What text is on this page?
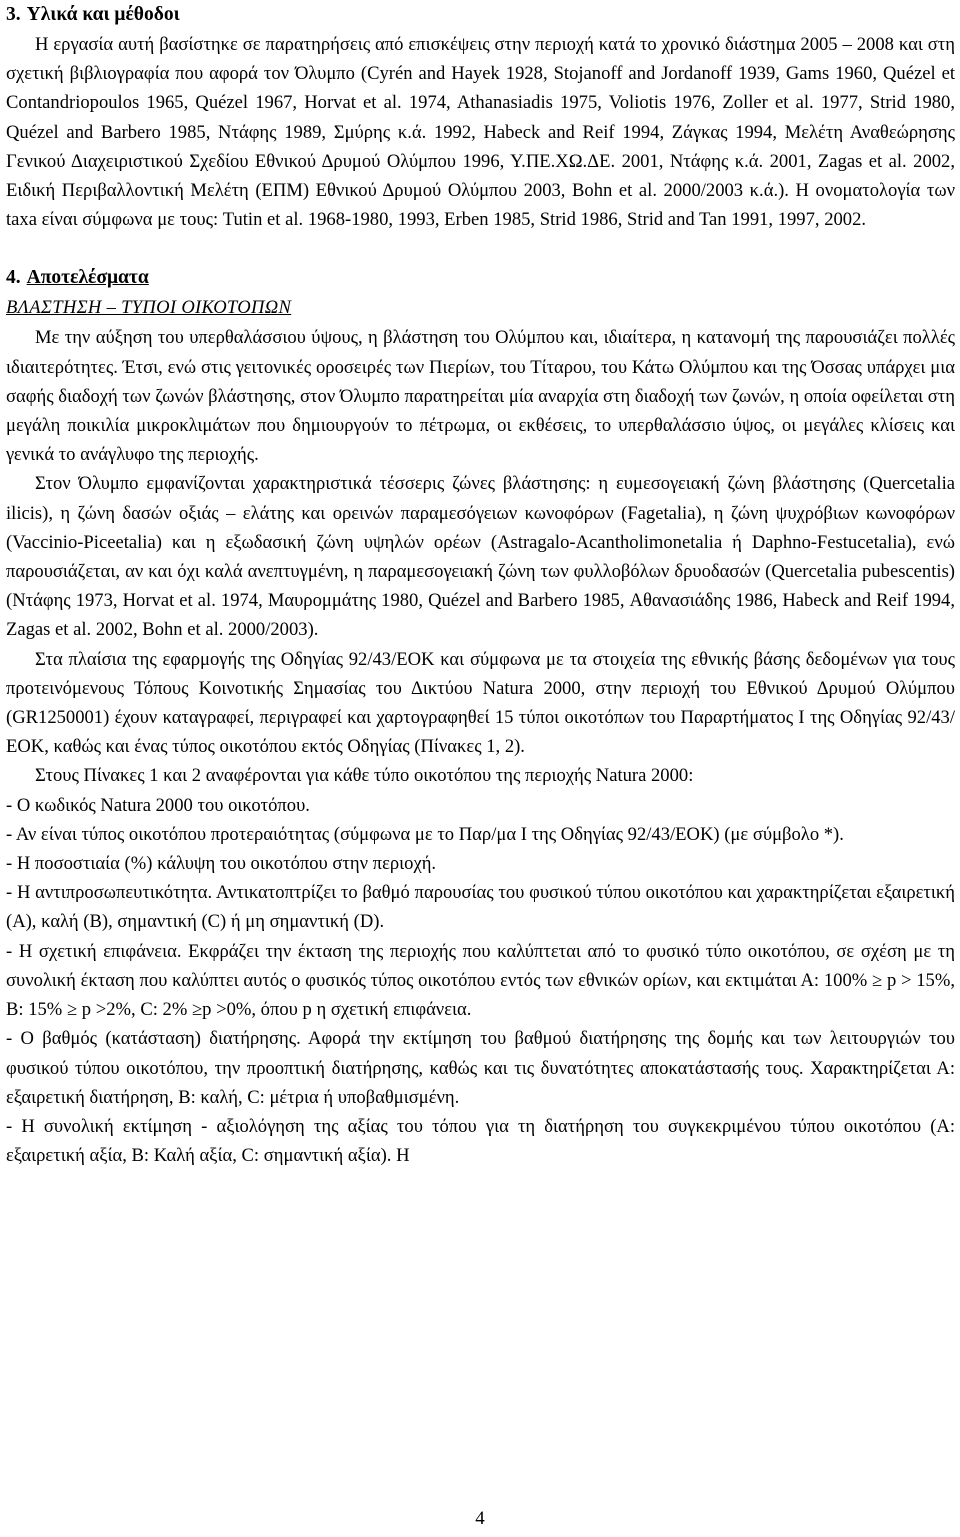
3. Υλικά και μέθοδοι

Η εργασία αυτή βασίστηκε σε παρατηρήσεις από επισκέψεις στην περιοχή κατά το χρονικό διάστημα 2005 – 2008 και στη σχετική βιβλιογραφία που αφορά τον Όλυμπο (Cyrén and Hayek 1928, Stojanoff and Jordanoff 1939, Gams 1960, Quézel et Contandriopoulos 1965, Quézel 1967, Horvat et al. 1974, Athanasiadis 1975, Voliotis 1976, Zoller et al. 1977, Strid 1980, Quézel and Barbero 1985, Ντάφης 1989, Σμύρης κ.ά. 1992, Habeck and Reif 1994, Ζάγκας 1994, Μελέτη Αναθεώρησης Γενικού Διαχειριστικού Σχεδίου Εθνικού Δρυμού Ολύμπου 1996, Υ.ΠΕ.ΧΩ.ΔΕ. 2001, Ντάφης κ.ά. 2001, Zagas et al. 2002, Ειδική Περιβαλλοντική Μελέτη (ΕΠΜ) Εθνικού Δρυμού Ολύμπου 2003, Bohn et al. 2000/2003 κ.ά.). Η ονοματολογία των taxa είναι σύμφωνα με τους: Tutin et al. 1968-1980, 1993, Erben 1985, Strid 1986, Strid and Tan 1991, 1997, 2002.

4. Αποτελέσματα
ΒΛΑΣΤΗΣΗ – ΤΥΠΟΙ ΟΙΚΟΤΟΠΩΝ

Με την αύξηση του υπερθαλάσσιου ύψους, η βλάστηση του Ολύμπου και, ιδιαίτερα, η κατανομή της παρουσιάζει πολλές ιδιαιτερότητες. Έτσι, ενώ στις γειτονικές οροσειρές των Πιερίων, του Τίταρου, του Κάτω Ολύμπου και της Όσσας υπάρχει μια σαφής διαδοχή των ζωνών βλάστησης, στον Όλυμπο παρατηρείται μία αναρχία στη διαδοχή των ζωνών, η οποία οφείλεται στη μεγάλη ποικιλία μικροκλιμάτων που δημιουργούν το πέτρωμα, οι εκθέσεις, το υπερθαλάσσιο ύψος, οι μεγάλες κλίσεις και γενικά το ανάγλυφο της περιοχής.

Στον Όλυμπο εμφανίζονται χαρακτηριστικά τέσσερις ζώνες βλάστησης: η ευμεσογειακή ζώνη βλάστησης (Quercetalia ilicis), η ζώνη δασών οξιάς – ελάτης και ορεινών παραμεσόγειων κωνοφόρων (Fagetalia), η ζώνη ψυχρόβιων κωνοφόρων (Vaccinio-Piceetalia) και η εξωδασική ζώνη υψηλών ορέων (Astragalo-Acantholimonetalia ή Daphno-Festucetalia), ενώ παρουσιάζεται, αν και όχι καλά ανεπτυγμένη, η παραμεσογειακή ζώνη των φυλλοβόλων δρυοδασών (Quercetalia pubescentis) (Ντάφης 1973, Horvat et al. 1974, Μαυρομμάτης 1980, Quézel and Barbero 1985, Αθανασιάδης 1986, Habeck and Reif 1994, Zagas et al. 2002, Bohn et al. 2000/2003).

Στα πλαίσια της εφαρμογής της Οδηγίας 92/43/ΕΟΚ και σύμφωνα με τα στοιχεία της εθνικής βάσης δεδομένων για τους προτεινόμενους Τόπους Κοινοτικής Σημασίας του Δικτύου Natura 2000, στην περιοχή του Εθνικού Δρυμού Ολύμπου (GR1250001) έχουν καταγραφεί, περιγραφεί και χαρτογραφηθεί 15 τύποι οικοτόπων του Παραρτήματος Ι της Οδηγίας 92/43/ΕΟΚ, καθώς και ένας τύπος οικοτόπου εκτός Οδηγίας (Πίνακες 1, 2).

Στους Πίνακες 1 και 2 αναφέρονται για κάθε τύπο οικοτόπου της περιοχής Natura 2000:

- Ο κωδικός Natura 2000 του οικοτόπου.
- Αν είναι τύπος οικοτόπου προτεραιότητας (σύμφωνα με το Παρ/μα Ι της Οδηγίας 92/43/ΕΟΚ) (με σύμβολο *).
- Η ποσοστιαία (%) κάλυψη του οικοτόπου στην περιοχή.
- Η αντιπροσωπευτικότητα. Αντικατοπτρίζει το βαθμό παρουσίας του φυσικού τύπου οικοτόπου και χαρακτηρίζεται εξαιρετική (A), καλή (B), σημαντική (C) ή μη σημαντική (D).
- Η σχετική επιφάνεια. Εκφράζει την έκταση της περιοχής που καλύπτεται από το φυσικό τύπο οικοτόπου, σε σχέση με τη συνολική έκταση που καλύπτει αυτός ο φυσικός τύπος οικοτόπου εντός των εθνικών ορίων, και εκτιμάται Α: 100% ≥ p > 15%, Β: 15% ≥ p >2%, C: 2% ≥p >0%, όπου p η σχετική επιφάνεια.
- Ο βαθμός (κατάσταση) διατήρησης. Αφορά την εκτίμηση του βαθμού διατήρησης της δομής και των λειτουργιών του φυσικού τύπου οικοτόπου, την προοπτική διατήρησης, καθώς και τις δυνατότητες αποκατάστασής τους. Χαρακτηρίζεται Α: εξαιρετική διατήρηση, Β: καλή, C: μέτρια ή υποβαθμισμένη.
- Η συνολική εκτίμηση - αξιολόγηση της αξίας του τόπου για τη διατήρηση του συγκεκριμένου τύπου οικοτόπου (Α: εξαιρετική αξία, Β: Καλή αξία, C: σημαντική αξία). Η
4
